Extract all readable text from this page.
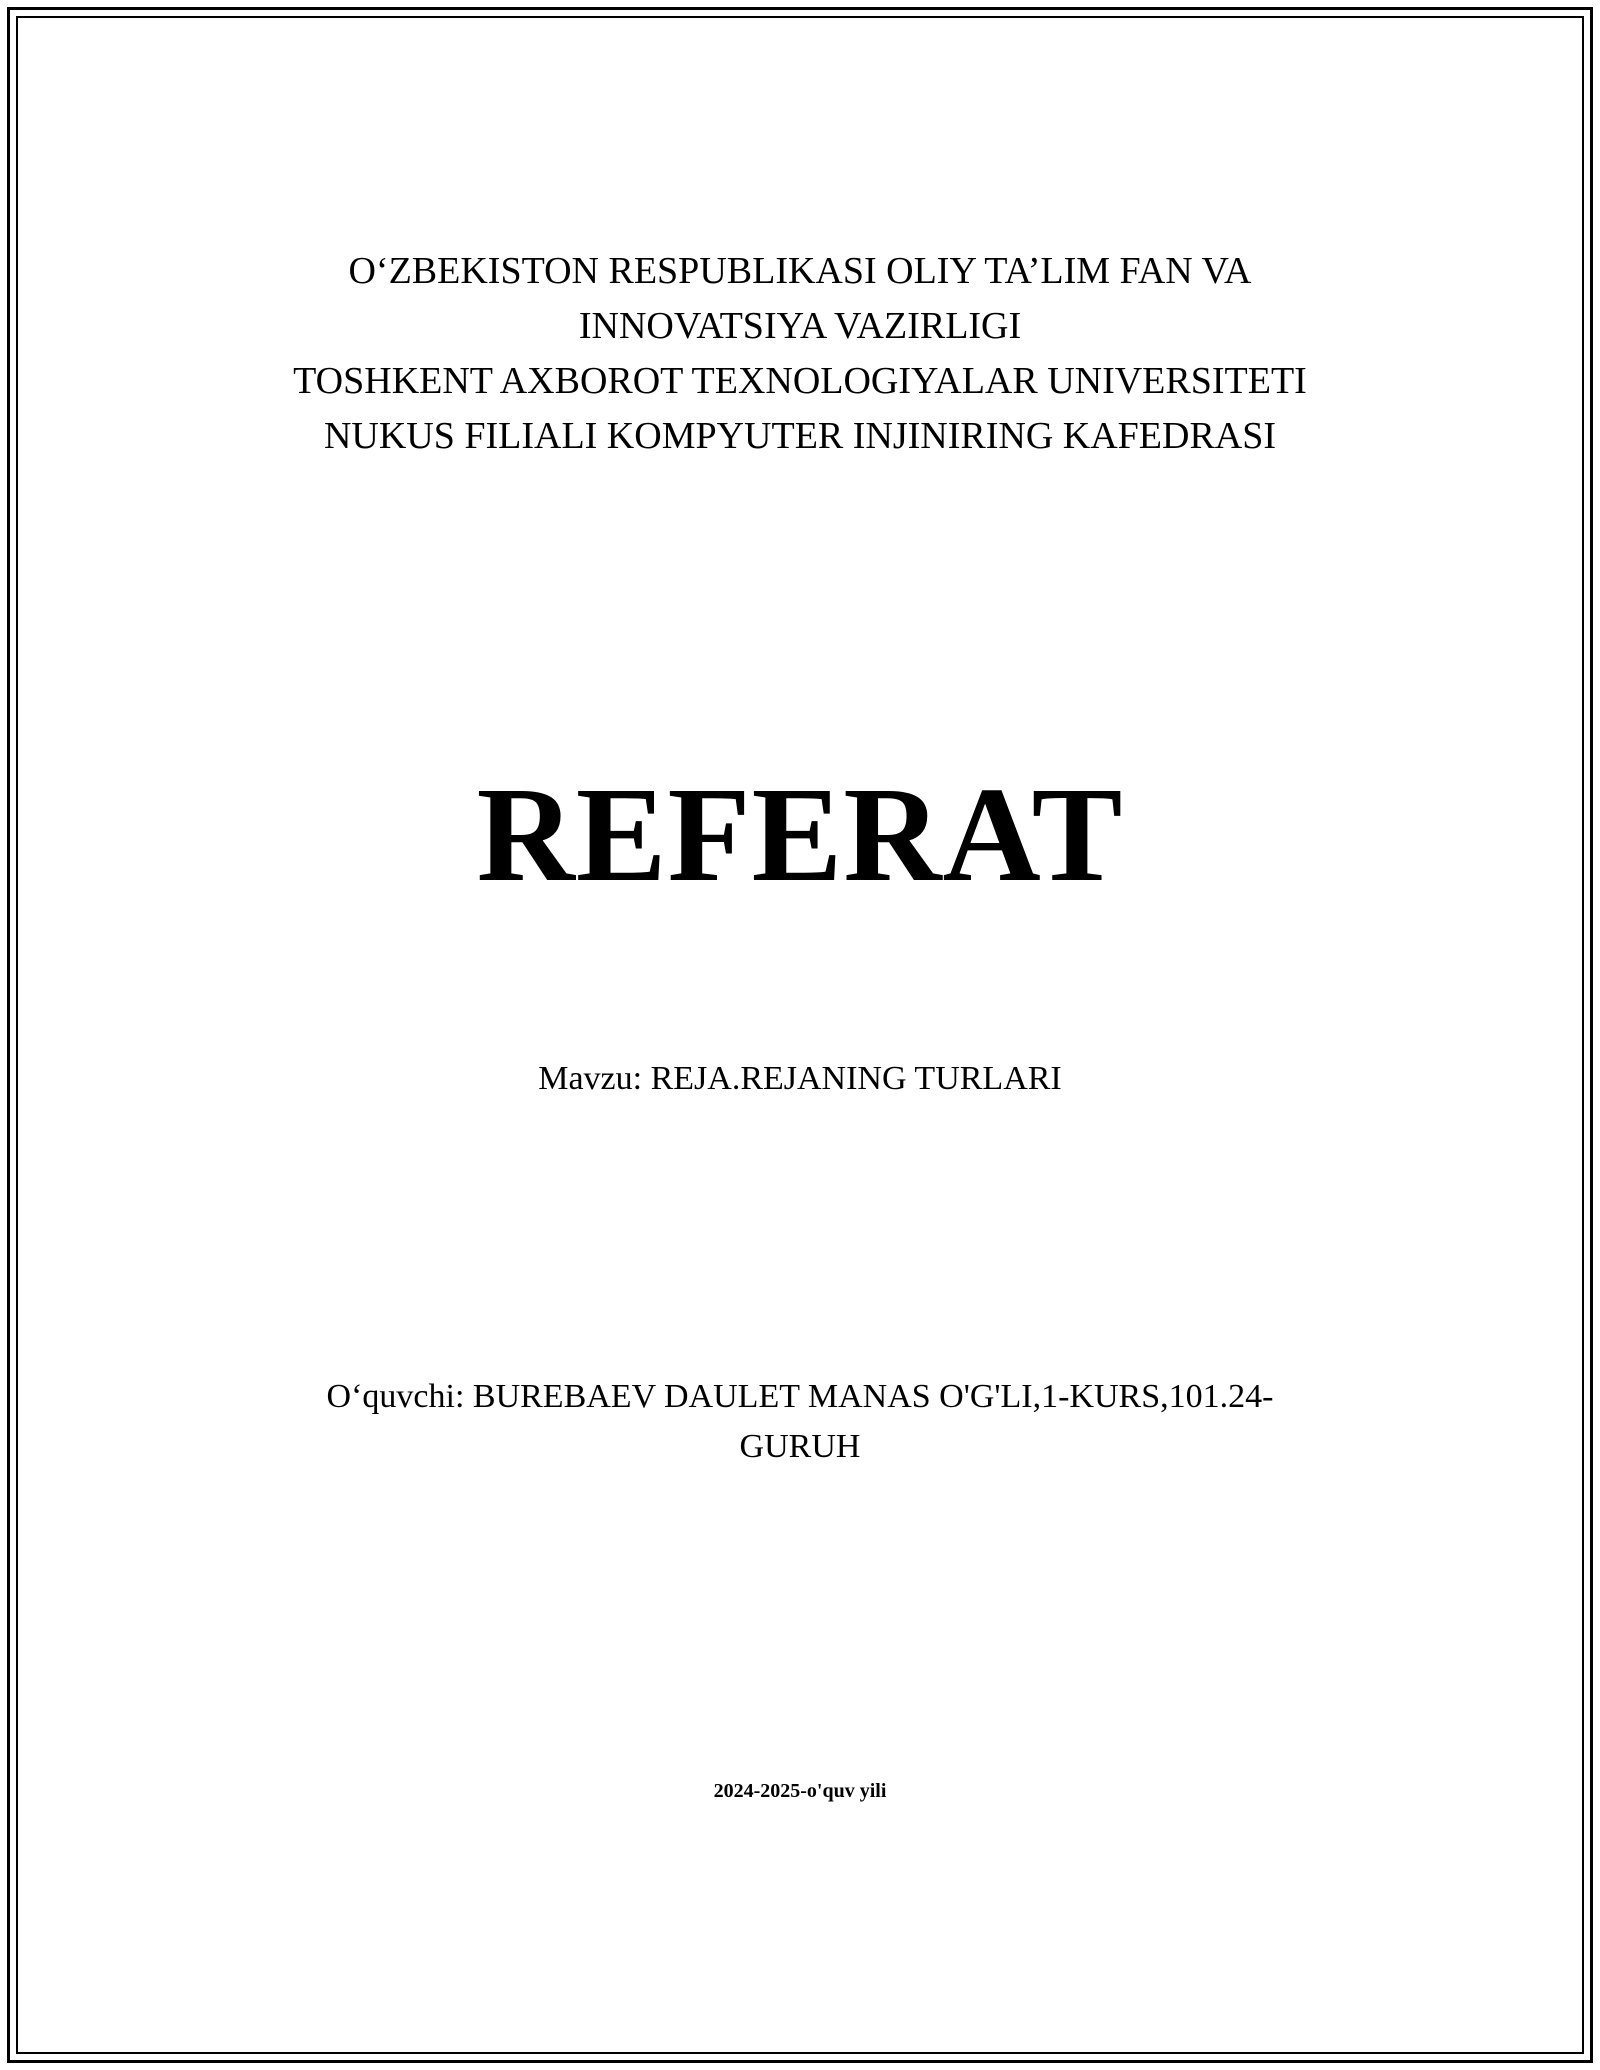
O‘ZBEKISTON RESPUBLIKASI OLIY TA’LIM FAN VA
INNOVATSIYA VAZIRLIGI
TOSHKENT AXBOROT TEXNOLOGIYALAR UNIVERSITETI
NUKUS FILIALI KOMPYUTER INJINIRING KAFEDRASI
REFERAT
Mavzu: REJA.REJANING TURLARI
O‘quvchi: BUREBAEV DAULET MANAS O'G'LI,1-KURS,101.24-
GURUH
2024-2025-o'quv yili
